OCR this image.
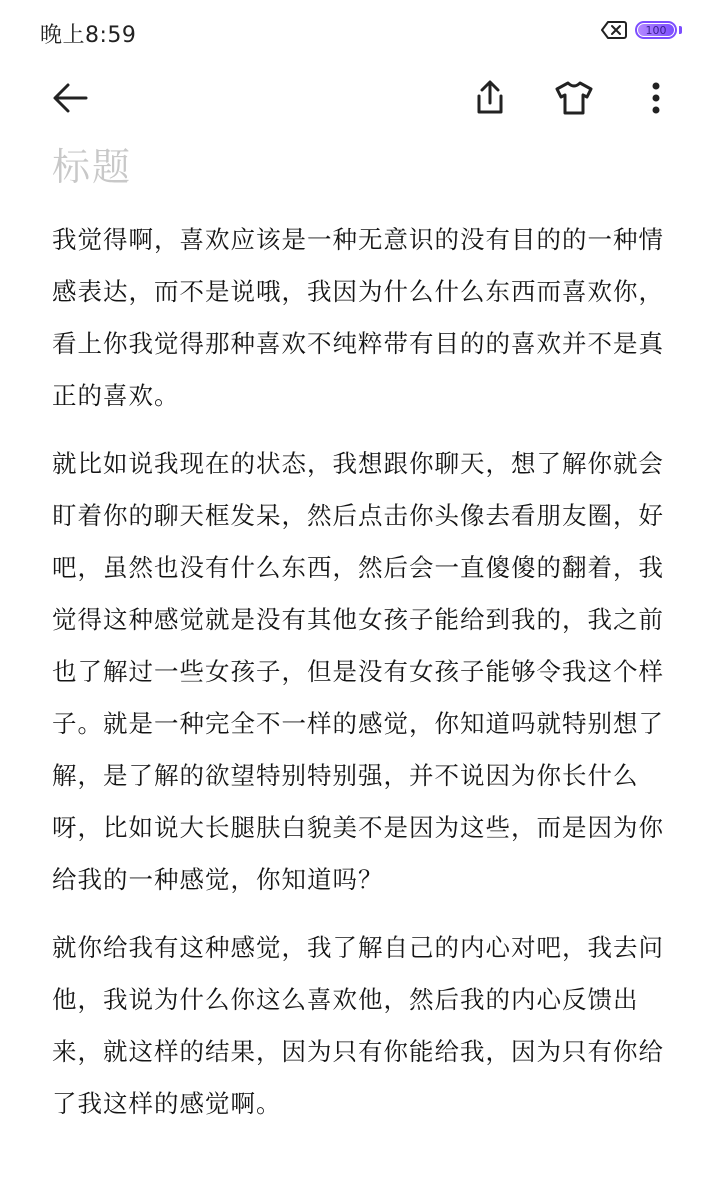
晚上8:59	100
标题

我觉得啊，喜欢应该是一种无意识的没有目的的一种情感表达，而不是说哦，我因为什么什么东西而喜欢你，看上你我觉得那种喜欢不纯粹带有目的的喜欢并不是真正的喜欢。

就比如说我现在的状态，我想跟你聊天，想了解你就会盯着你的聊天框发呆，然后点击你头像去看朋友圈，好吧，虽然也没有什么东西，然后会一直傻傻的翻着，我觉得这种感觉就是没有其他女孩子能给到我的，我之前也了解过一些女孩子，但是没有女孩子能够令我这个样子。就是一种完全不一样的感觉，你知道吗就特别想了解，是了解的欲望特别特别强，并不说因为你长什么呀，比如说大长腿肤白貌美不是因为这些，而是因为你给我的一种感觉，你知道吗？

就你给我有这种感觉，我了解自己的内心对吧，我去问他，我说为什么你这么喜欢他，然后我的内心反馈出来，就这样的结果，因为只有你能给我，因为只有你给了我这样的感觉啊。
